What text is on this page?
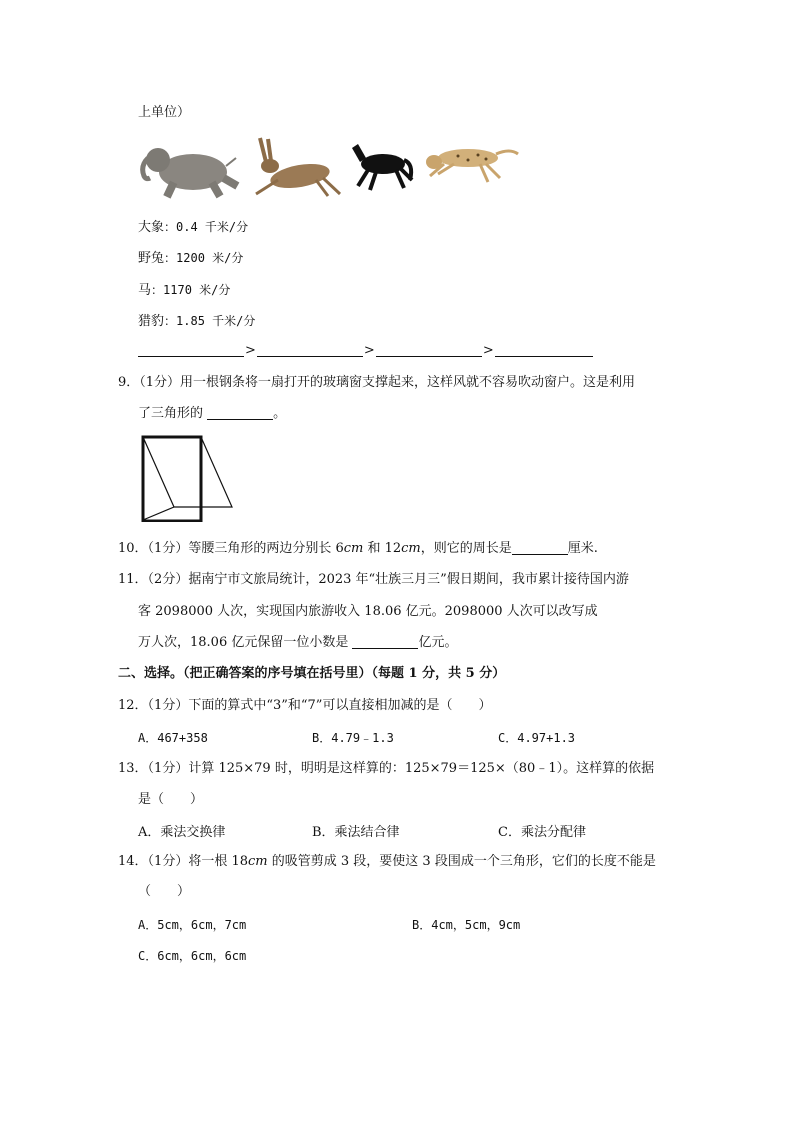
上单位）
大象：0.4 千米/分
野兔：1200 米/分
马：1170 米/分
猎豹：1.85 千米/分
>	>	>
9．（1分）用一根钢条将一扇打开的玻璃窗支撑起来，这样风就不容易吹动窗户。这是利用
了三角形的	。
10．（1分）等腰三角形的两边分别长 6cm 和 12cm，则它的周长是	厘米.
11．（2分）据南宁市文旅局统计，2023 年“壮族三月三”假日期间，我市累计接待国内游
客 2098000 人次，实现国内旅游收入 18.06 亿元。2098000 人次可以改写成
万人次，18.06 亿元保留一位小数是	亿元。
二、选择。（把正确答案的序号填在括号里）（每题 1 分，共 5 分）
12．（1分）下面的算式中“3”和“7”可以直接相加减的是（　　）
A．467+358	B．4.79﹣1.3	C．4.97+1.3
13．（1分）计算 125×79 时，明明是这样算的：125×79＝125×（80﹣1）。这样算的依据
是（　　）
A．乘法交换律	B．乘法结合律	C．乘法分配律
14．（1分）将一根 18cm 的吸管剪成 3 段，要使这 3 段围成一个三角形，它们的长度不能是
（　　）
A．5cm，6cm，7cm	B．4cm，5cm，9cm
C．6cm，6cm，6cm
